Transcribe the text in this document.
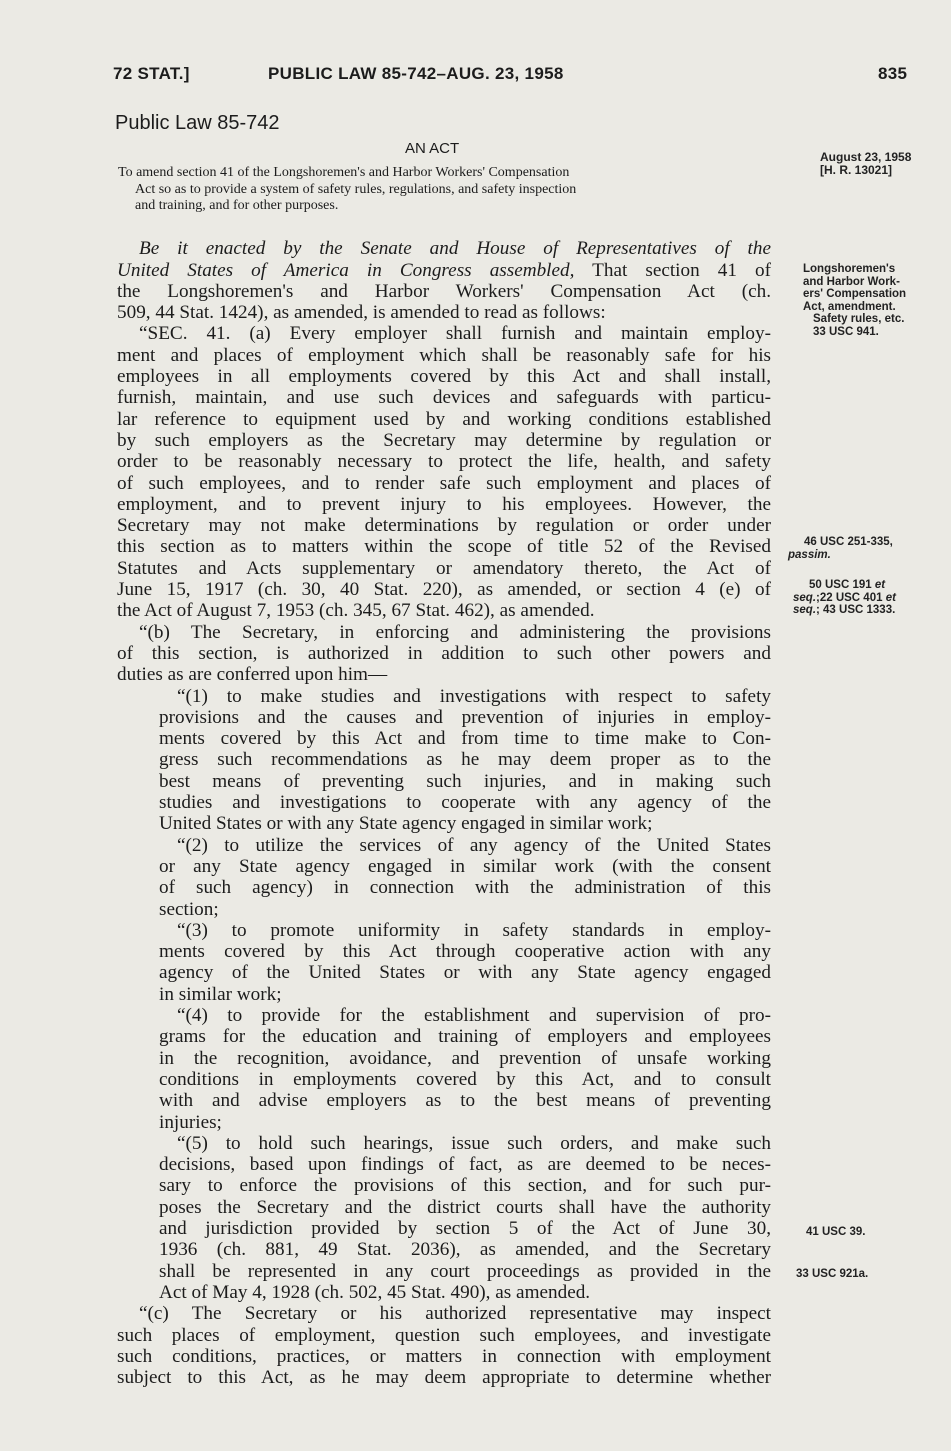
72 STAT.]	PUBLIC LAW 85-742–AUG. 23, 1958	835
Public Law 85-742
AN ACT
To amend section 41 of the Longshoremen's and Harbor Workers' Compensation
Act so as to provide a system of safety rules, regulations, and safety inspection
and training, and for other purposes.
Be it enacted by the Senate and House of Representatives of the
United States of America in Congress assembled, That section 41 of
the Longshoremen's and Harbor Workers' Compensation Act (ch.
509, 44 Stat. 1424), as amended, is amended to read as follows:
“SEC. 41. (a) Every employer shall furnish and maintain employ-
ment and places of employment which shall be reasonably safe for his
employees in all employments covered by this Act and shall install,
furnish, maintain, and use such devices and safeguards with particu-
lar reference to equipment used by and working conditions established
by such employers as the Secretary may determine by regulation or
order to be reasonably necessary to protect the life, health, and safety
of such employees, and to render safe such employment and places of
employment, and to prevent injury to his employees. However, the
Secretary may not make determinations by regulation or order under
this section as to matters within the scope of title 52 of the Revised
Statutes and Acts supplementary or amendatory thereto, the Act of
June 15, 1917 (ch. 30, 40 Stat. 220), as amended, or section 4 (e) of
the Act of August 7, 1953 (ch. 345, 67 Stat. 462), as amended.
“(b) The Secretary, in enforcing and administering the provisions
of this section, is authorized in addition to such other powers and
duties as are conferred upon him—
“(1) to make studies and investigations with respect to safety
provisions and the causes and prevention of injuries in employ-
ments covered by this Act and from time to time make to Con-
gress such recommendations as he may deem proper as to the
best means of preventing such injuries, and in making such
studies and investigations to cooperate with any agency of the
United States or with any State agency engaged in similar work;
“(2) to utilize the services of any agency of the United States
or any State agency engaged in similar work (with the consent
of such agency) in connection with the administration of this
section;
“(3) to promote uniformity in safety standards in employ-
ments covered by this Act through cooperative action with any
agency of the United States or with any State agency engaged
in similar work;
“(4) to provide for the establishment and supervision of pro-
grams for the education and training of employers and employees
in the recognition, avoidance, and prevention of unsafe working
conditions in employments covered by this Act, and to consult
with and advise employers as to the best means of preventing
injuries;
“(5) to hold such hearings, issue such orders, and make such
decisions, based upon findings of fact, as are deemed to be neces-
sary to enforce the provisions of this section, and for such pur-
poses the Secretary and the district courts shall have the authority
and jurisdiction provided by section 5 of the Act of June 30,
1936 (ch. 881, 49 Stat. 2036), as amended, and the Secretary
shall be represented in any court proceedings as provided in the
Act of May 4, 1928 (ch. 502, 45 Stat. 490), as amended.
“(c) The Secretary or his authorized representative may inspect
such places of employment, question such employees, and investigate
such conditions, practices, or matters in connection with employment
subject to this Act, as he may deem appropriate to determine whether
August 23, 1958
[H. R. 13021]
Longshoremen's
and Harbor Work-
ers' Compensation
Act, amendment.
Safety rules, etc.
33 USC 941.
46 USC 251-335,
passim.
50 USC 191 et
seq.;22 USC 401 et
seq.; 43 USC 1333.
41 USC 39.
33 USC 921a.
